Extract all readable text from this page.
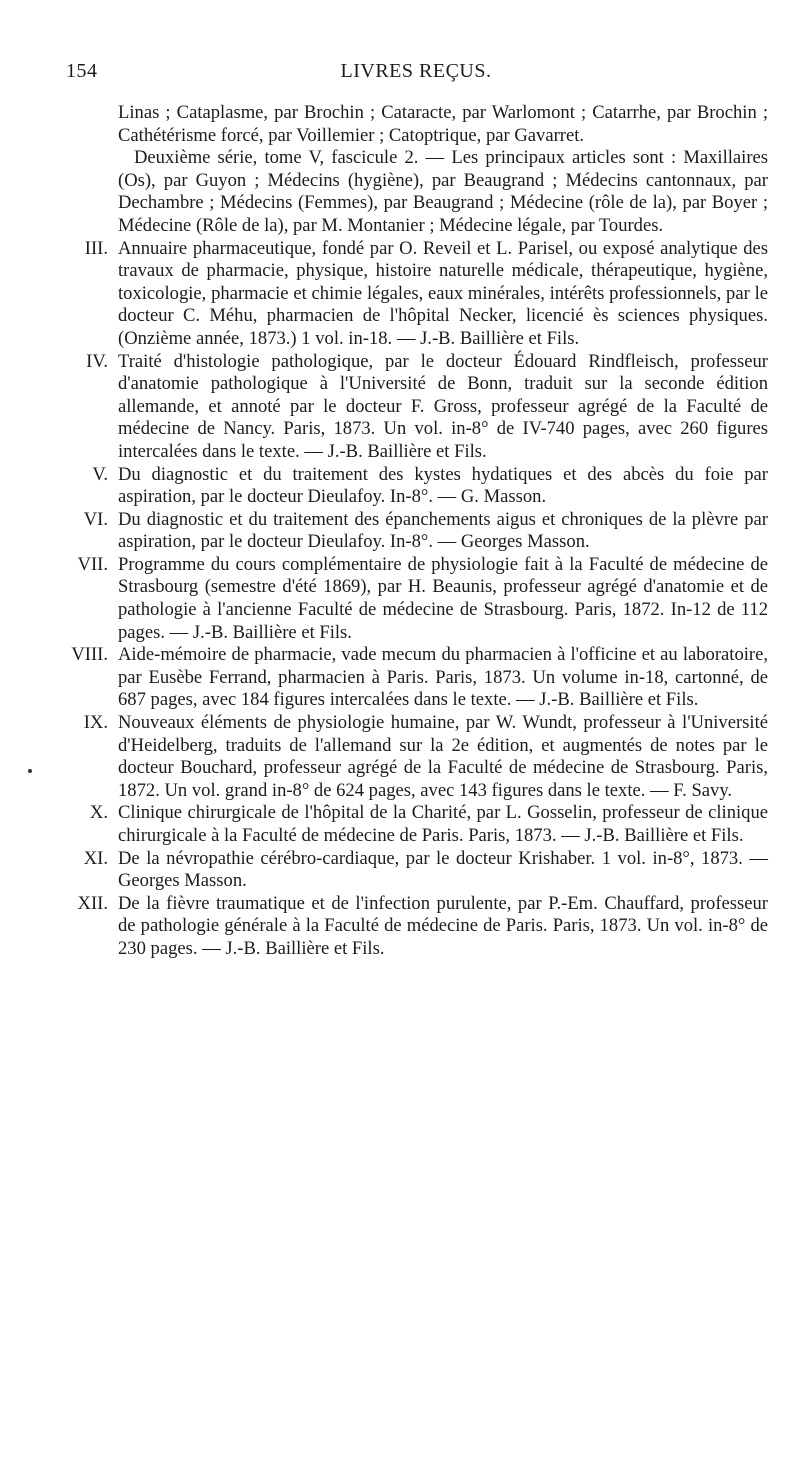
154	LIVRES REÇUS.

Linas ; Cataplasme, par Brochin ; Cataracte, par Warlomont ; Catarrhe, par Brochin ; Cathétérisme forcé, par Voillemier ; Catoptrique, par Gavarret.

Deuxième série, tome V, fascicule 2. — Les principaux articles sont : Maxillaires (Os), par Guyon ; Médecins (hygiène), par Beaugrand ; Médecins cantonnaux, par Dechambre ; Médecins (Femmes), par Beaugrand ; Médecine (rôle de la), par Boyer ; Médecine (Rôle de la), par M. Montanier ; Médecine légale, par Tourdes.

III. Annuaire pharmaceutique, fondé par O. Reveil et L. Parisel, ou exposé analytique des travaux de pharmacie, physique, histoire naturelle médicale, thérapeutique, hygiène, toxicologie, pharmacie et chimie légales, eaux minérales, intérêts professionnels, par le docteur C. Méhu, pharmacien de l'hôpital Necker, licencié ès sciences physiques. (Onzième année, 1873.) 1 vol. in-18. — J.-B. Baillière et Fils.
IV. Traité d'histologie pathologique, par le docteur Édouard Rindfleisch, professeur d'anatomie pathologique à l'Université de Bonn, traduit sur la seconde édition allemande, et annoté par le docteur F. Gross, professeur agrégé de la Faculté de médecine de Nancy. Paris, 1873. Un vol. in-8° de IV-740 pages, avec 260 figures intercalées dans le texte. — J.-B. Baillière et Fils.
V. Du diagnostic et du traitement des kystes hydatiques et des abcès du foie par aspiration, par le docteur Dieulafoy. In-8°. — G. Masson.
VI. Du diagnostic et du traitement des épanchements aigus et chroniques de la plèvre par aspiration, par le docteur Dieulafoy. In-8°. — Georges Masson.
VII. Programme du cours complémentaire de physiologie fait à la Faculté de médecine de Strasbourg (semestre d'été 1869), par H. Beaunis, professeur agrégé d'anatomie et de pathologie à l'ancienne Faculté de médecine de Strasbourg. Paris, 1872. In-12 de 112 pages. — J.-B. Baillière et Fils.
VIII. Aide-mémoire de pharmacie, vade mecum du pharmacien à l'officine et au laboratoire, par Eusèbe Ferrand, pharmacien à Paris. Paris, 1873. Un volume in-18, cartonné, de 687 pages, avec 184 figures intercalées dans le texte. — J.-B. Baillière et Fils.
IX. Nouveaux éléments de physiologie humaine, par W. Wundt, professeur à l'Université d'Heidelberg, traduits de l'allemand sur la 2e édition, et augmentés de notes par le docteur Bouchard, professeur agrégé de la Faculté de médecine de Strasbourg. Paris, 1872. Un vol. grand in-8° de 624 pages, avec 143 figures dans le texte. — F. Savy.
X. Clinique chirurgicale de l'hôpital de la Charité, par L. Gosselin, professeur de clinique chirurgicale à la Faculté de médecine de Paris. Paris, 1873. — J.-B. Baillière et Fils.
XI. De la névropathie cérébro-cardiaque, par le docteur Krishaber. 1 vol. in-8°, 1873. — Georges Masson.
XII. De la fièvre traumatique et de l'infection purulente, par P.-Em. Chauffard, professeur de pathologie générale à la Faculté de médecine de Paris. Paris, 1873. Un vol. in-8° de 230 pages. — J.-B. Baillière et Fils.
